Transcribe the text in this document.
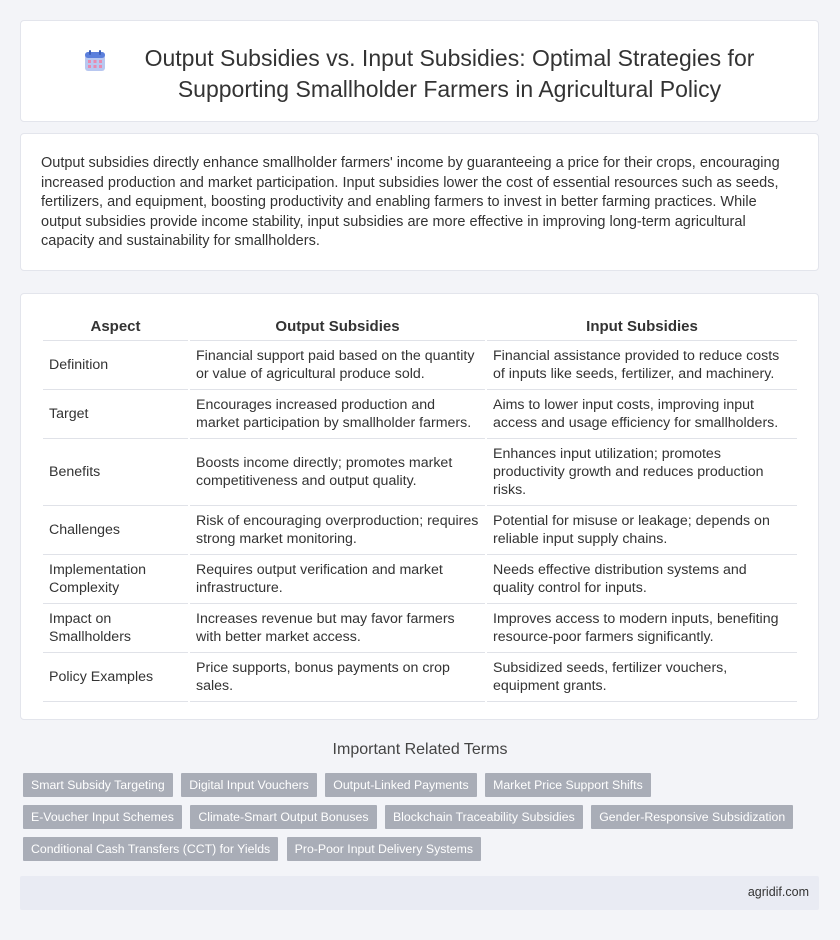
Output Subsidies vs. Input Subsidies: Optimal Strategies for Supporting Smallholder Farmers in Agricultural Policy

Output subsidies directly enhance smallholder farmers' income by guaranteeing a price for their crops, encouraging increased production and market participation. Input subsidies lower the cost of essential resources such as seeds, fertilizers, and equipment, boosting productivity and enabling farmers to invest in better farming practices. While output subsidies provide income stability, input subsidies are more effective in improving long-term agricultural capacity and sustainability for smallholders.

Aspect	Output Subsidies	Input Subsidies
Definition	Financial support paid based on the quantity or value of agricultural produce sold.	Financial assistance provided to reduce costs of inputs like seeds, fertilizer, and machinery.
Target	Encourages increased production and market participation by smallholder farmers.	Aims to lower input costs, improving input access and usage efficiency for smallholders.
Benefits	Boosts income directly; promotes market competitiveness and output quality.	Enhances input utilization; promotes productivity growth and reduces production risks.
Challenges	Risk of encouraging overproduction; requires strong market monitoring.	Potential for misuse or leakage; depends on reliable input supply chains.
Implementation Complexity	Requires output verification and market infrastructure.	Needs effective distribution systems and quality control for inputs.
Impact on Smallholders	Increases revenue but may favor farmers with better market access.	Improves access to modern inputs, benefiting resource-poor farmers significantly.
Policy Examples	Price supports, bonus payments on crop sales.	Subsidized seeds, fertilizer vouchers, equipment grants.
Important Related Terms
Smart Subsidy Targeting Digital Input Vouchers Output-Linked Payments Market Price Support Shifts E-Voucher Input Schemes Climate-Smart Output Bonuses Blockchain Traceability Subsidies Gender-Responsive Subsidization Conditional Cash Transfers (CCT) for Yields Pro-Poor Input Delivery Systems
agridif.com
